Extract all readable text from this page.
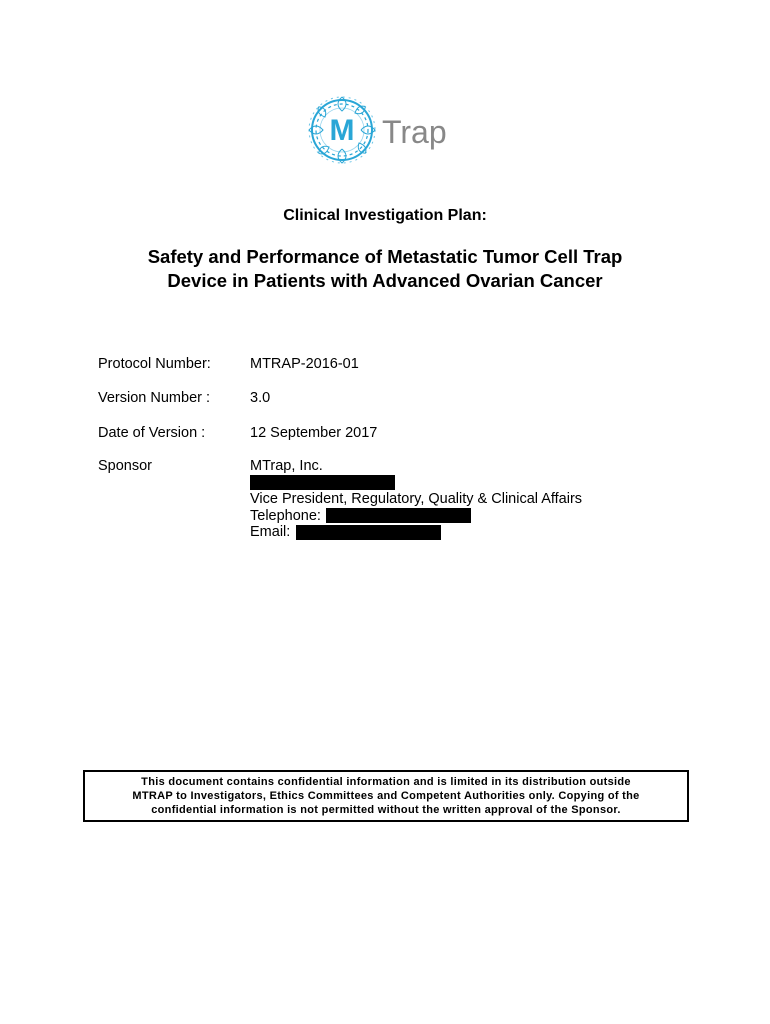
M Trap
Clinical Investigation Plan:
Safety and Performance of Metastatic Tumor Cell Trap
Device in Patients with Advanced Ovarian Cancer
Protocol Number:	MTRAP-2016-01
Version Number :	3.0
Date of Version :	12 September 2017
Sponsor	MTrap, Inc.
Vice President, Regulatory, Quality & Clinical Affairs
Telephone:
Email:
This document contains confidential information and is limited in its distribution outside
MTRAP to Investigators, Ethics Committees and Competent Authorities only. Copying of the
confidential information is not permitted without the written approval of the Sponsor.
